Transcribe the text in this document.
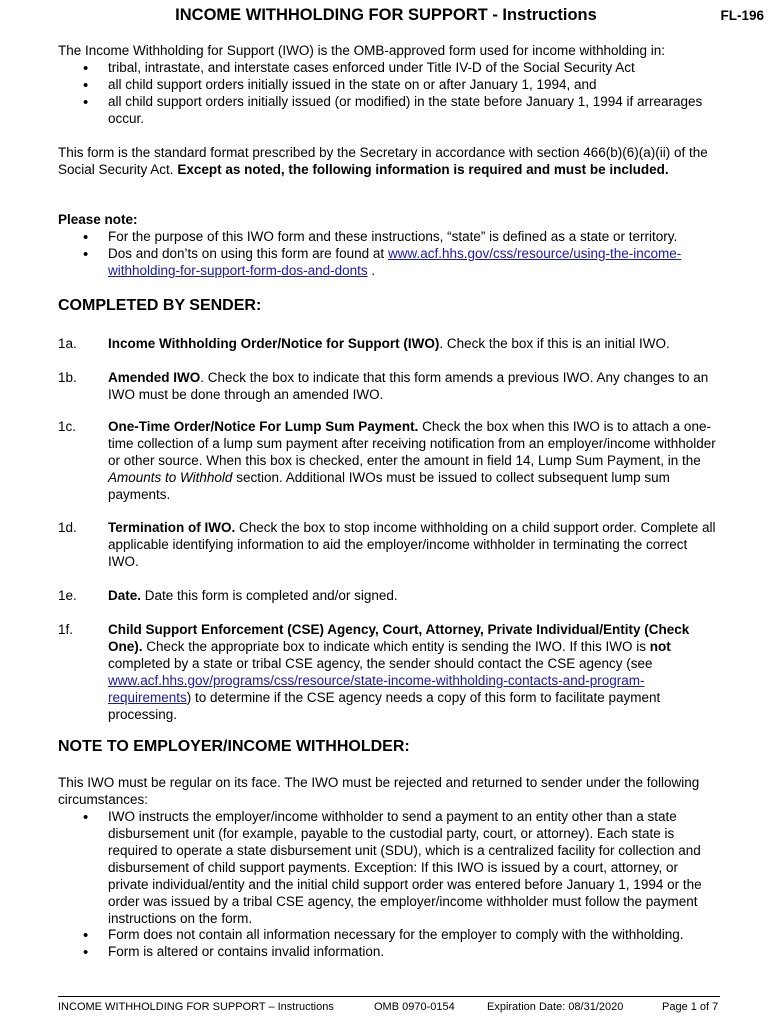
INCOME WITHHOLDING FOR SUPPORT - Instructions	FL-196
The Income Withholding for Support (IWO) is the OMB-approved form used for income withholding in:
• tribal, intrastate, and interstate cases enforced under Title IV-D of the Social Security Act
• all child support orders initially issued in the state on or after January 1, 1994, and
• all child support orders initially issued (or modified) in the state before January 1, 1994 if arrearages occur.
This form is the standard format prescribed by the Secretary in accordance with section 466(b)(6)(a)(ii) of the Social Security Act. Except as noted, the following information is required and must be included.
Please note:
• For the purpose of this IWO form and these instructions, “state” is defined as a state or territory.
• Dos and don’ts on using this form are found at www.acf.hhs.gov/css/resource/using-the-income-withholding-for-support-form-dos-and-donts .
COMPLETED BY SENDER:
1a. Income Withholding Order/Notice for Support (IWO). Check the box if this is an initial IWO.
1b. Amended IWO. Check the box to indicate that this form amends a previous IWO. Any changes to an IWO must be done through an amended IWO.
1c. One-Time Order/Notice For Lump Sum Payment. Check the box when this IWO is to attach a one-time collection of a lump sum payment after receiving notification from an employer/income withholder or other source. When this box is checked, enter the amount in field 14, Lump Sum Payment, in the Amounts to Withhold section. Additional IWOs must be issued to collect subsequent lump sum payments.
1d. Termination of IWO. Check the box to stop income withholding on a child support order. Complete all applicable identifying information to aid the employer/income withholder in terminating the correct IWO.
1e. Date. Date this form is completed and/or signed.
1f.	Child Support Enforcement (CSE) Agency, Court, Attorney, Private Individual/Entity (Check One). Check the appropriate box to indicate which entity is sending the IWO. If this IWO is not completed by a state or tribal CSE agency, the sender should contact the CSE agency (see www.acf.hhs.gov/programs/css/resource/state-income-withholding-contacts-and-program-requirements) to determine if the CSE agency needs a copy of this form to facilitate payment processing.
NOTE TO EMPLOYER/INCOME WITHHOLDER:
This IWO must be regular on its face. The IWO must be rejected and returned to sender under the following circumstances:
• IWO instructs the employer/income withholder to send a payment to an entity other than a state disbursement unit (for example, payable to the custodial party, court, or attorney). Each state is required to operate a state disbursement unit (SDU), which is a centralized facility for collection and disbursement of child support payments. Exception: If this IWO is issued by a court, attorney, or private individual/entity and the initial child support order was entered before January 1, 1994 or the order was issued by a tribal CSE agency, the employer/income withholder must follow the payment instructions on the form.
• Form does not contain all information necessary for the employer to comply with the withholding.
• Form is altered or contains invalid information.
INCOME WITHHOLDING FOR SUPPORT – Instructions	OMB 0970-0154	Expiration Date: 08/31/2020	Page 1 of 7
